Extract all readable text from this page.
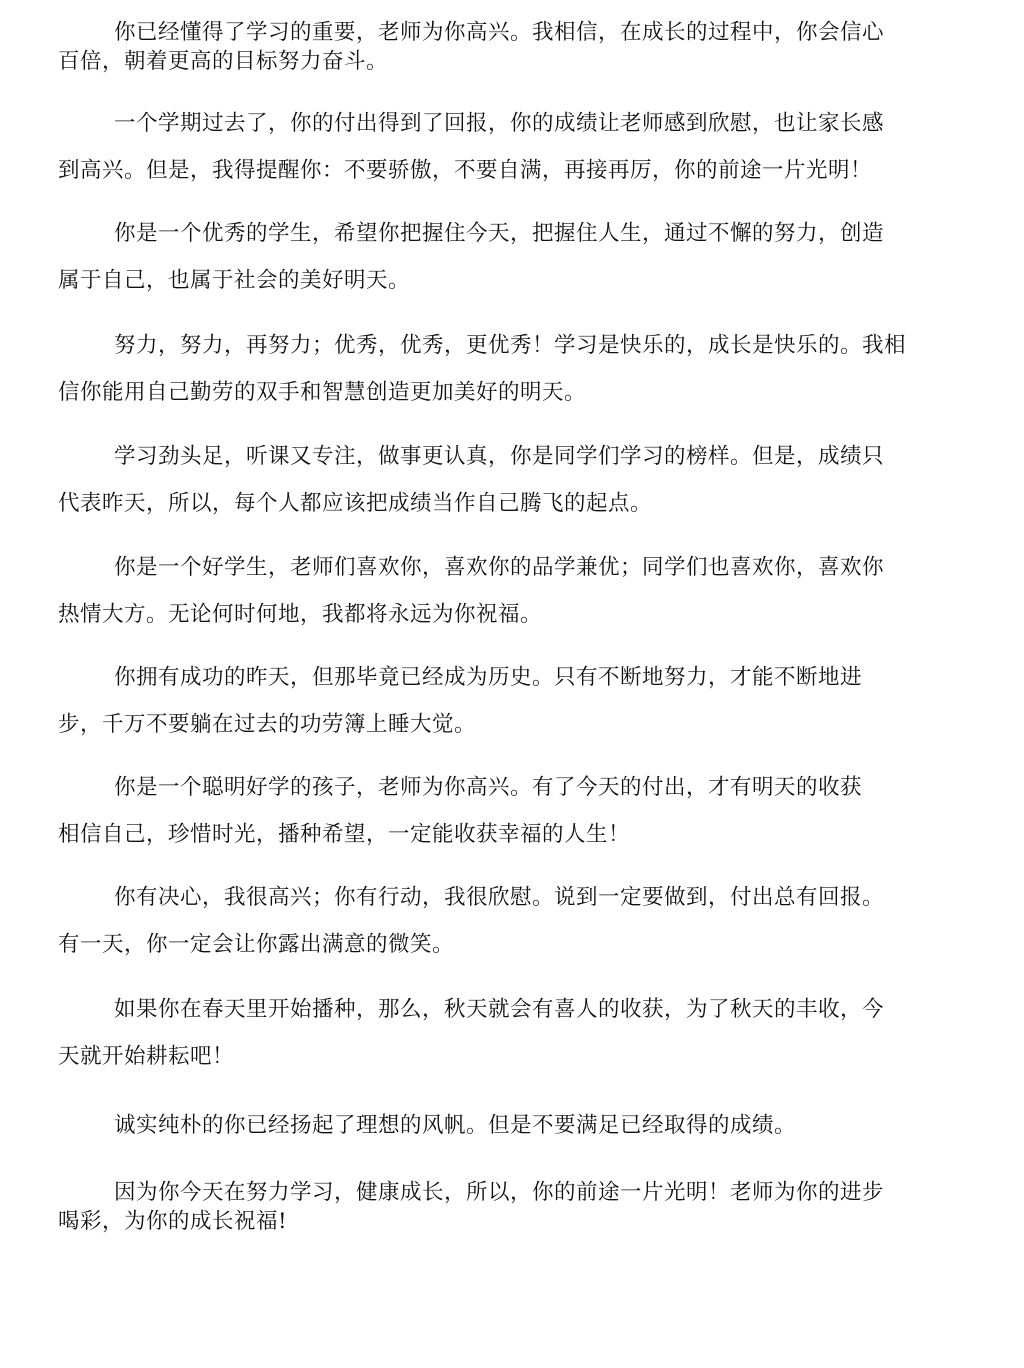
你已经懂得了学习的重要，老师为你高兴。我相信，在成长的过程中，你会信心
百倍，朝着更高的目标努力奋斗。
一个学期过去了，你的付出得到了回报，你的成绩让老师感到欣慰，也让家长感
到高兴。但是，我得提醒你：不要骄傲，不要自满，再接再厉，你的前途一片光明！
你是一个优秀的学生，希望你把握住今天，把握住人生，通过不懈的努力，创造
属于自己，也属于社会的美好明天。
努力，努力，再努力；优秀，优秀，更优秀！学习是快乐的，成长是快乐的。我相
信你能用自己勤劳的双手和智慧创造更加美好的明天。
学习劲头足，听课又专注，做事更认真，你是同学们学习的榜样。但是，成绩只
代表昨天，所以，每个人都应该把成绩当作自己腾飞的起点。
你是一个好学生，老师们喜欢你，喜欢你的品学兼优；同学们也喜欢你，喜欢你
热情大方。无论何时何地，我都将永远为你祝福。
你拥有成功的昨天，但那毕竟已经成为历史。只有不断地努力，才能不断地进
步，千万不要躺在过去的功劳簿上睡大觉。
你是一个聪明好学的孩子，老师为你高兴。有了今天的付出，才有明天的收获
相信自己，珍惜时光，播种希望，一定能收获幸福的人生！
你有决心，我很高兴；你有行动，我很欣慰。说到一定要做到，付出总有回报。
有一天，你一定会让你露出满意的微笑。
如果你在春天里开始播种，那么，秋天就会有喜人的收获，为了秋天的丰收，今
天就开始耕耘吧！
诚实纯朴的你已经扬起了理想的风帆。但是不要满足已经取得的成绩。
因为你今天在努力学习，健康成长，所以，你的前途一片光明！老师为你的进步
喝彩，为你的成长祝福!
